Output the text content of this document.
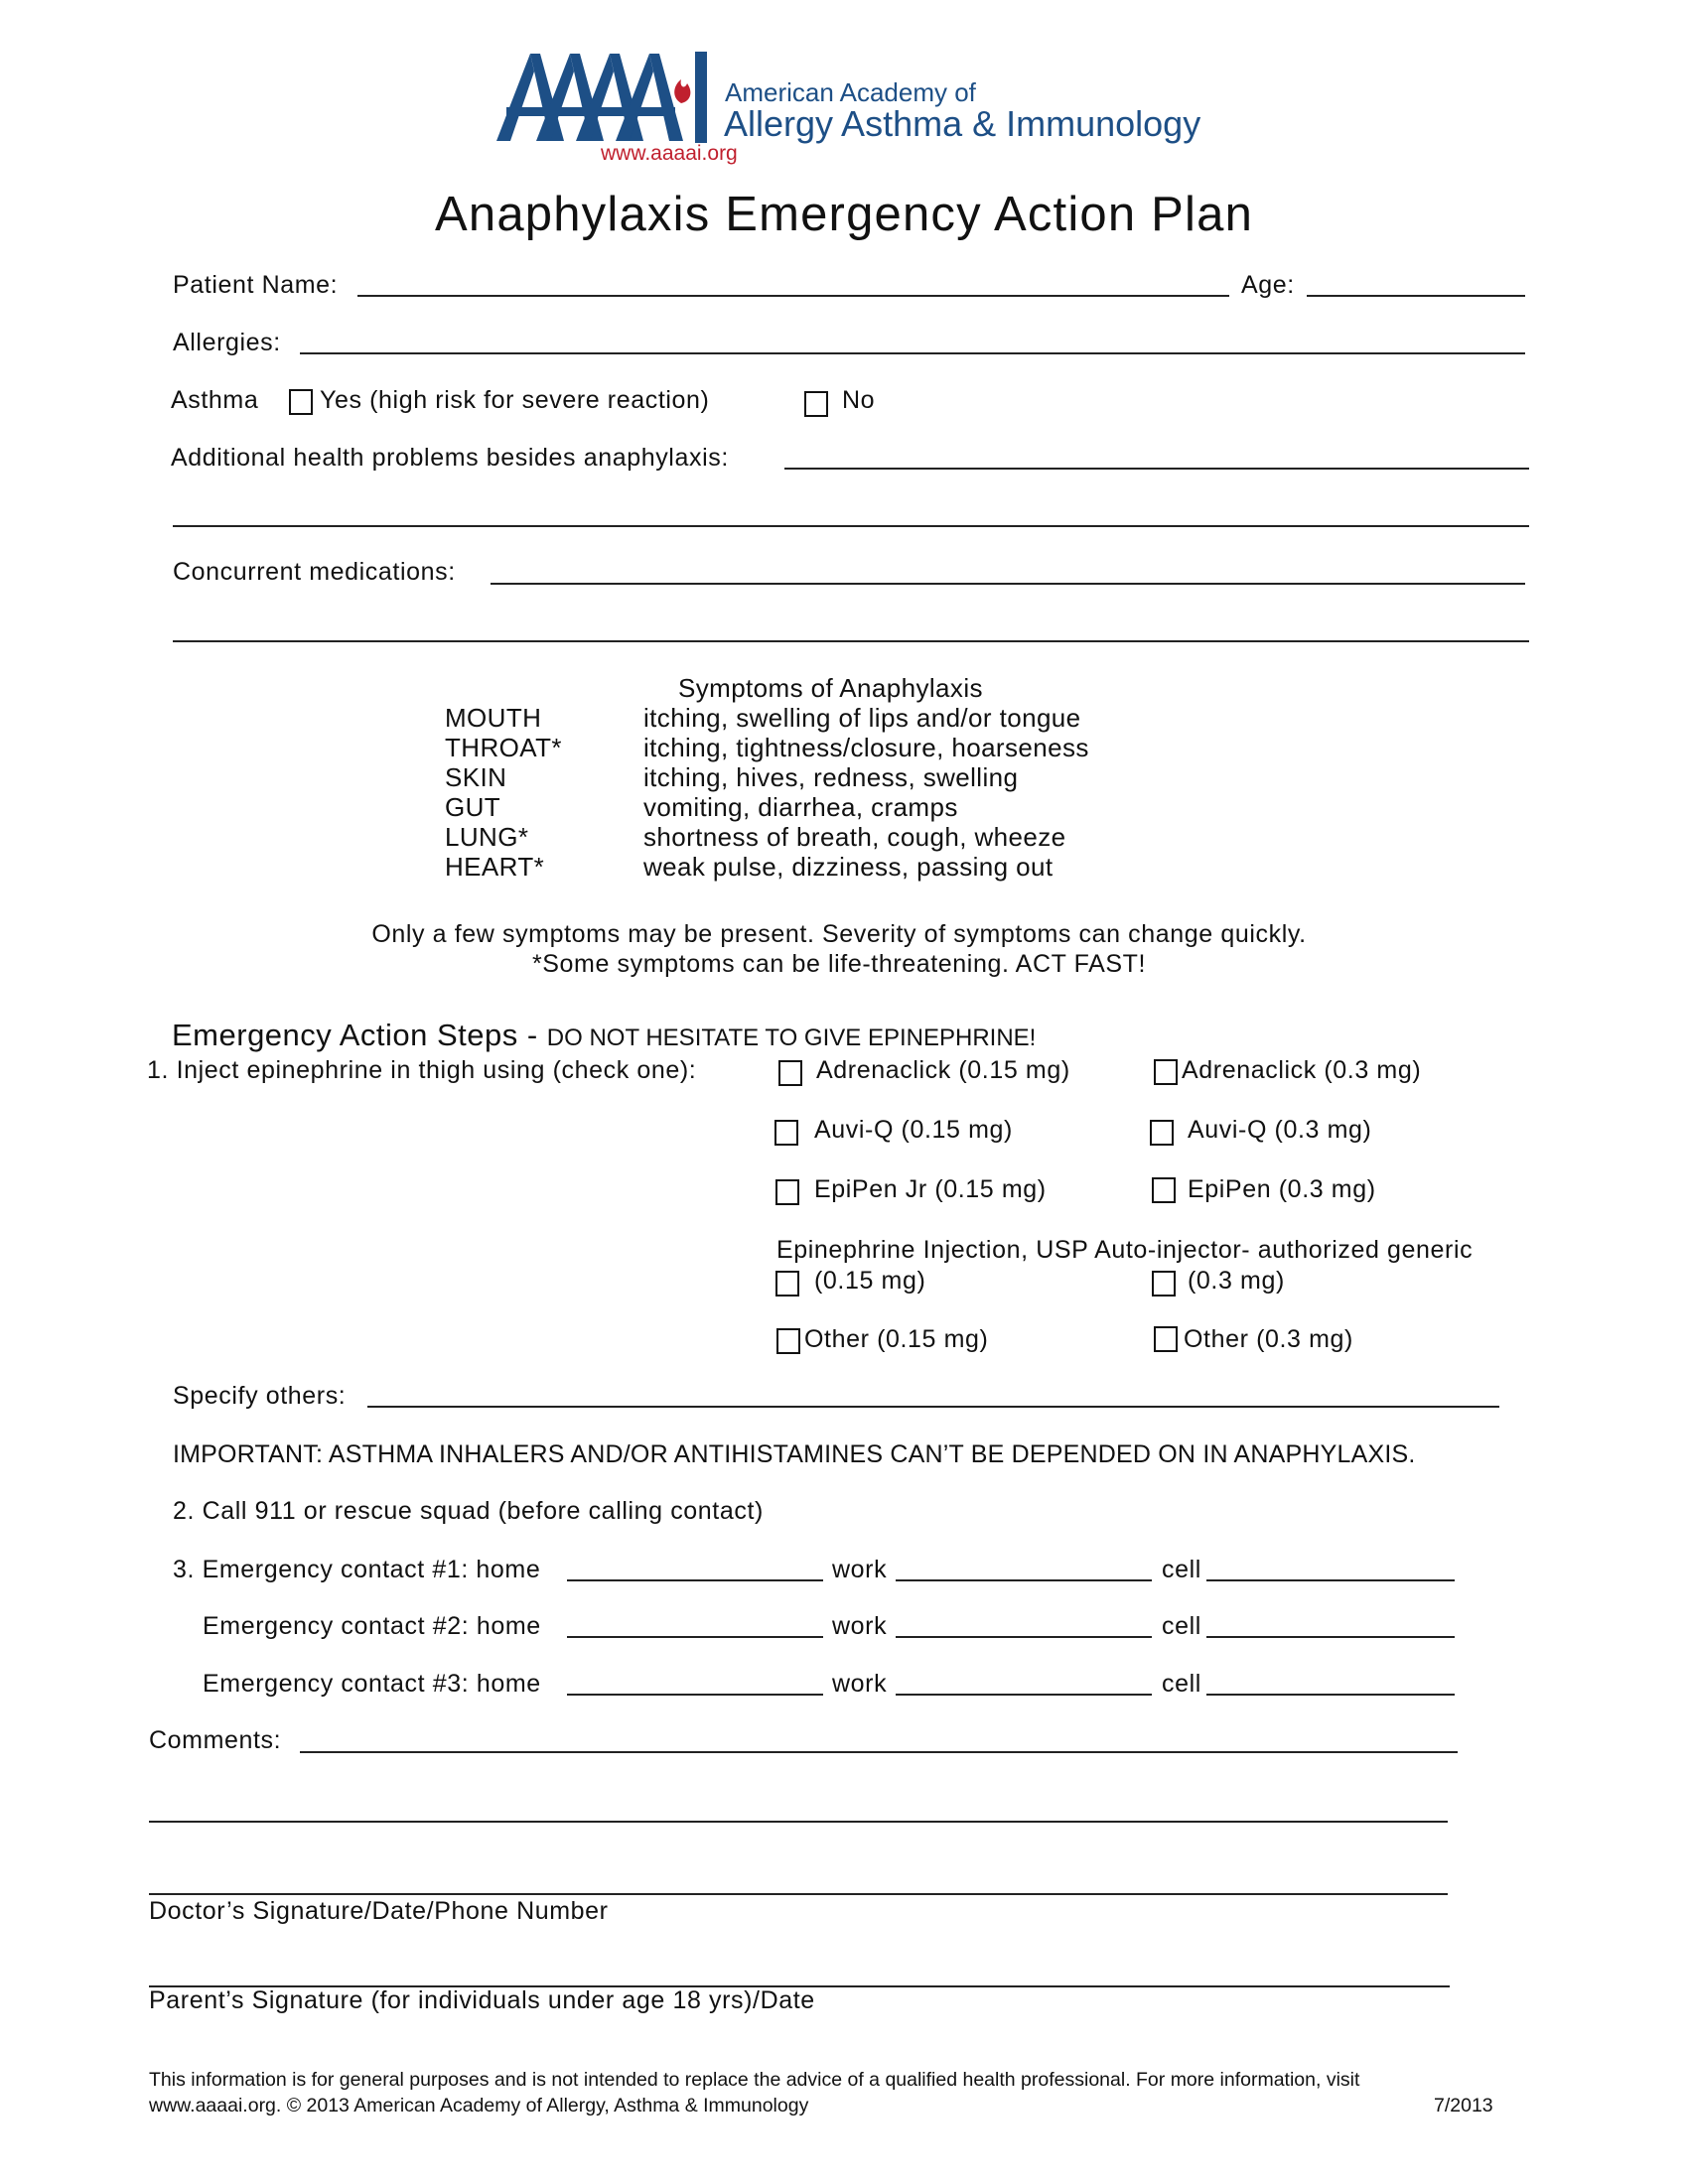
www.aaaai.org
American Academy of
Allergy Asthma & Immunology
Anaphylaxis Emergency Action Plan
Patient Name:	Age:
Allergies:
Asthma Yes (high risk for severe reaction)	No
Additional health problems besides anaphylaxis:
Concurrent medications:
Symptoms of Anaphylaxis
MOUTH	itching, swelling of lips and/or tongue
THROAT*	itching, tightness/closure, hoarseness
SKIN	itching, hives, redness, swelling
GUT	vomiting, diarrhea, cramps
LUNG*	shortness of breath, cough, wheeze
HEART*	weak pulse, dizziness, passing out
Only a few symptoms may be present. Severity of symptoms can change quickly.
*Some symptoms can be life-threatening. ACT FAST!
Emergency Action Steps - DO NOT HESITATE TO GIVE EPINEPHRINE!
1. Inject epinephrine in thigh using (check one):	Adrenaclick (0.15 mg)	Adrenaclick (0.3 mg)
Auvi-Q (0.15 mg)	Auvi-Q (0.3 mg)
EpiPen Jr (0.15 mg)	EpiPen (0.3 mg)
Epinephrine Injection, USP Auto-injector- authorized generic
(0.15 mg)	(0.3 mg)
Other (0.15 mg)	Other (0.3 mg)
Specify others:
IMPORTANT: ASTHMA INHALERS AND/OR ANTIHISTAMINES CAN’T BE DEPENDED ON IN ANAPHYLAXIS.
2. Call 911 or rescue squad (before calling contact)
3. Emergency contact #1: home	work	cell
Emergency contact #2: home	work	cell
Emergency contact #3: home	work	cell
Comments:
Doctor’s Signature/Date/Phone Number
Parent’s Signature (for individuals under age 18 yrs)/Date
This information is for general purposes and is not intended to replace the advice of a qualified health professional. For more information, visit
www.aaaai.org. © 2013 American Academy of Allergy, Asthma & Immunology	7/2013
